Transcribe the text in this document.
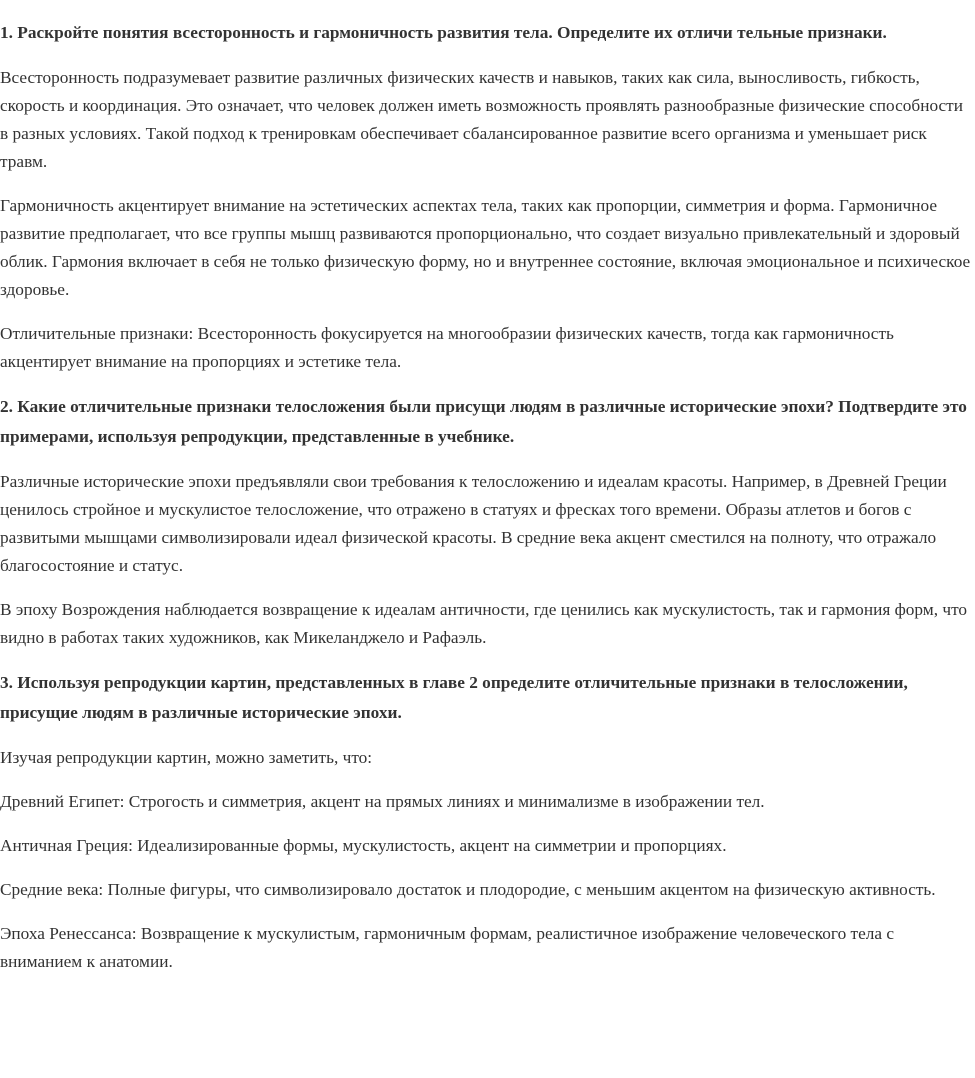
1. Раскройте понятия всесторонность и гармоничность развития тела. Определите их отличи тельные признаки.

Всесторонность подразумевает развитие различных физических качеств и навыков, таких как сила, выносливость, гибкость, скорость и координация. Это означает, что человек должен иметь возможность проявлять разнообразные физические способности в разных условиях. Такой подход к тренировкам обеспечивает сбалансированное развитие всего организма и уменьшает риск травм.

Гармоничность акцентирует внимание на эстетических аспектах тела, таких как пропорции, симметрия и форма. Гармоничное развитие предполагает, что все группы мышц развиваются пропорционально, что создает визуально привлекательный и здоровый облик. Гармония включает в себя не только физическую форму, но и внутреннее состояние, включая эмоциональное и психическое здоровье.

Отличительные признаки: Всесторонность фокусируется на многообразии физических качеств, тогда как гармоничность акцентирует внимание на пропорциях и эстетике тела.

2. Какие отличительные признаки телосложения были присущи людям в различные исторические эпохи? Подтвердите это примерами, используя репродукции, представленные в учебнике.

Различные исторические эпохи предъявляли свои требования к телосложению и идеалам красоты. Например, в Древней Греции ценилось стройное и мускулистое телосложение, что отражено в статуях и фресках того времени. Образы атлетов и богов с развитыми мышцами символизировали идеал физической красоты. В средние века акцент сместился на полноту, что отражало благосостояние и статус.

В эпоху Возрождения наблюдается возвращение к идеалам античности, где ценились как мускулистость, так и гармония форм, что видно в работах таких художников, как Микеланджело и Рафаэль.

3. Используя репродукции картин, представленных в главе 2 определите отличительные признаки в телосложении, присущие людям в различные исторические эпохи.

Изучая репродукции картин, можно заметить, что:

Древний Египет: Строгость и симметрия, акцент на прямых линиях и минимализме в изображении тел.

Античная Греция: Идеализированные формы, мускулистость, акцент на симметрии и пропорциях.

Средние века: Полные фигуры, что символизировало достаток и плодородие, с меньшим акцентом на физическую активность.

Эпоха Ренессанса: Возвращение к мускулистым, гармоничным формам, реалистичное изображение человеческого тела с вниманием к анатомии.
